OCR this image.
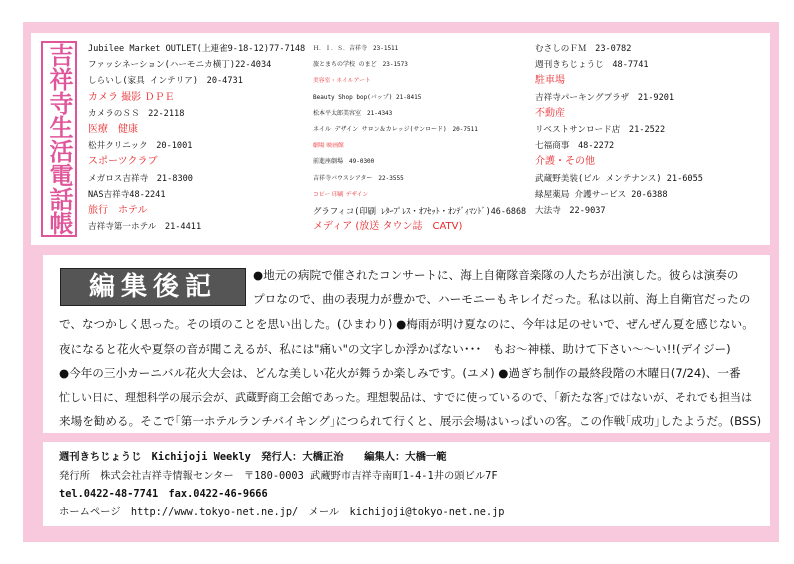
吉祥寺生活電話帳 Jubilee Market OUTLET(上連雀9-18-12)77-7148
ファッシネーション(ハーモニカ横丁)22-4034
しらいし(家具 インテリア)　20-4731
カメラ 撮影 ＤＰＥ
カメラのＳＳ　22-2118
医療　健康
松井クリニック　20-1001
スポーツクラブ
メガロス吉祥寺　21-8300
NAS吉祥寺48-2241
旅行　ホテル
吉祥寺第一ホテル　21-4411
Ｈ．Ｉ．Ｓ．吉祥寺　23-1511
旅とまちの学校 のまど　23-1573
美容室・ネイルアート
Beauty Shop bop(バップ) 21-8415
松本平太郎美容室　21-4343
ネイル デザイン サロン＆カレッジ(サンロード)　20-7511
劇場 映画館
前進座劇場　49-0300
吉祥寺バウスシアター　22-3555
コピー 印刷 デザイン
グラフィコ(印刷 ﾚﾀｰﾌﾟﾚｽ・ｵﾌｾｯﾄ・ｵﾝﾃﾞｨﾏﾝﾄﾞ)46-6868
メディア (放送 タウン誌　CATV)
むさしのＦＭ　23-0782
週刊きちじょうじ　48-7741
駐車場
吉祥寺パーキングプラザ　21-9201
不動産
リベストサンロード店　21-2522
七福商事　48-2272
介護・その他
武蔵野美装(ビル メンテナンス) 21-6055
緑屋薬局 介護サービス 20-6388
大法寺　22-9037
編集後記	●地元の病院で催されたコンサートに、海上自衛隊音楽隊の人たちが出演した。彼らは演奏の
プロなので、曲の表現力が豊かで、ハーモニーもキレイだった。私は以前、海上自衛官だったの
で、なつかしく思った。その頃のことを思い出した。(ひまわり) ●梅雨が明け夏なのに、今年は足のせいで、ぜんぜん夏を感じない。
夜になると花火や夏祭の音が聞こえるが、私には"痛い"の文字しか浮かばない･･･　もお～神様、助けて下さい～～い!!(デイジー)
●今年の三小カーニバル花火大会は、どんな美しい花火が舞うか楽しみです。(ユメ) ●過ぎち制作の最終段階の木曜日(7/24)、一番
忙しい日に、理想科学の展示会が、武蔵野商工会館であった。理想製品は、すでに使っているので、｢新たな客｣ではないが、それでも担当は
来場を勧める。そこで｢第一ホテルランチバイキング｣につられて行くと、展示会場はいっぱいの客。この作戦｢成功｣したようだ。(BSS)
週刊きちじょうじ　Kichijoji Weekly　発行人：大橋正治　　編集人：大橋一範
発行所　株式会社吉祥寺情報センター　〒180-0003 武蔵野市吉祥寺南町1-4-1井の頭ビル7F
tel.0422-48-7741　fax.0422-46-9666
ホームページ　http://www.tokyo-net.ne.jp/　メール　kichijoji@tokyo-net.ne.jp
